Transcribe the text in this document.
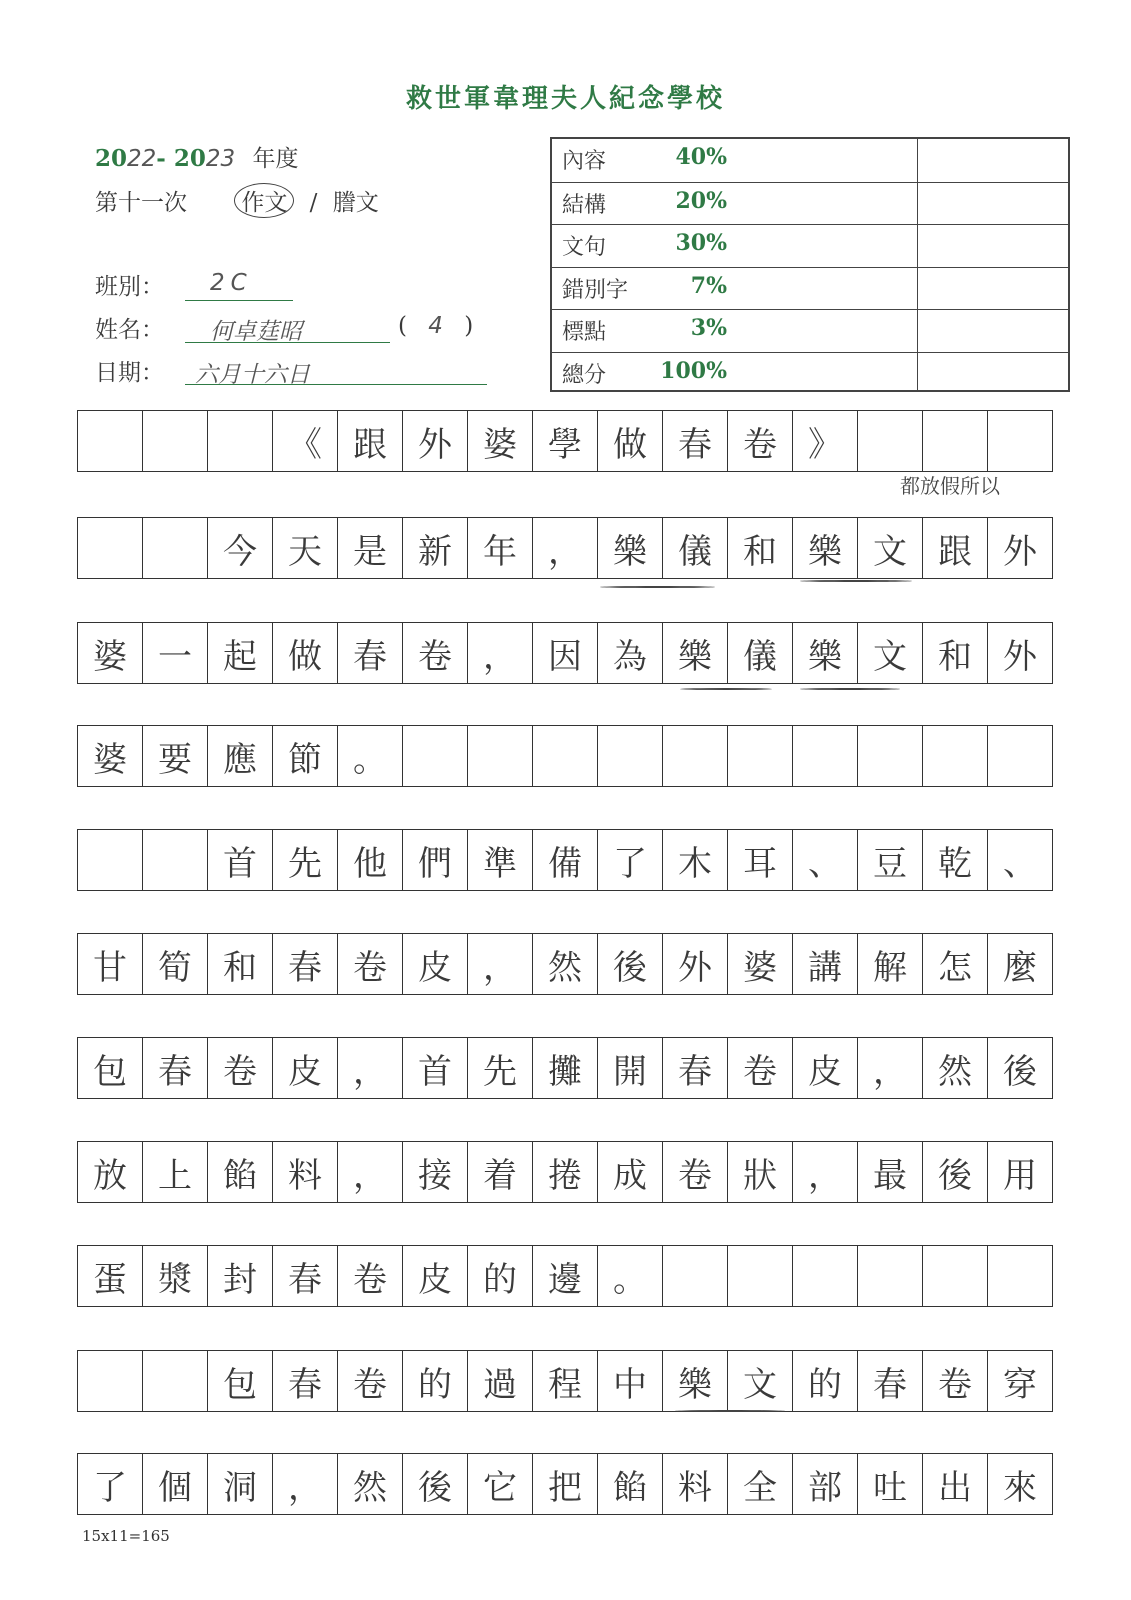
救世軍韋理夫人紀念學校
2022- 2023 年度
第十一次 作文 / 謄文
班別： 2C
姓名： 何卓莛昭	( 4 )
日期： 六月十六日
內容	40%
結構	20%
文句	30%
錯別字	7%
標點	3%
總分	100%
都放假所以
《 跟 外 婆 學 做 春 卷 》
今 天 是 新 年 ， 樂 儀 和 樂 文 跟 外
婆 一 起 做 春 卷 ， 因 為 樂 儀 樂 文 和 外
婆 要 應 節 。
首 先 他 們 準 備 了 木 耳 、 豆 乾 、
甘 筍 和 春 卷 皮 ， 然 後 外 婆 講 解 怎 麼
包 春 卷 皮 ， 首 先 攤 開 春 卷 皮 ， 然 後
放 上 餡 料 ， 接 着 捲 成 卷 狀 ， 最 後 用
蛋 漿 封 春 卷 皮 的 邊 。
包 春 卷 的 過 程 中 樂 文 的 春 卷 穿
了 個 洞 ， 然 後 它 把 餡 料 全 部 吐 出 來
15x11=165
